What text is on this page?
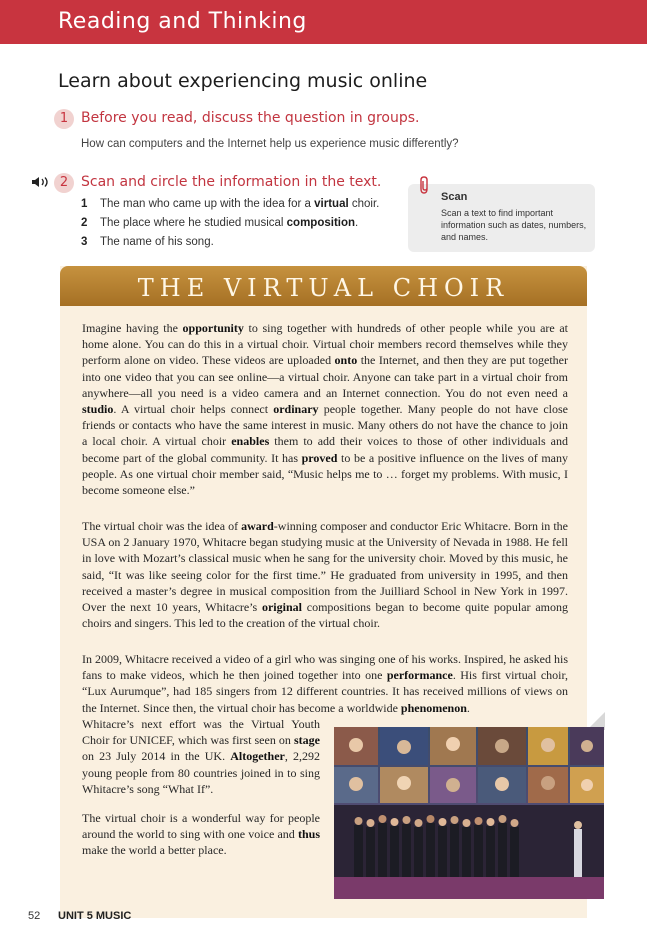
Reading and Thinking
Learn about experiencing music online
1 Before you read, discuss the question in groups.
How can computers and the Internet help us experience music differently?
2 Scan and circle the information in the text.
1 The man who came up with the idea for a virtual choir.
2 The place where he studied musical composition.
3 The name of his song.
Scan
Scan a text to find important information such as dates, numbers, and names.
THE VIRTUAL CHOIR
Imagine having the opportunity to sing together with hundreds of other people while you are at home alone. You can do this in a virtual choir. Virtual choir members record themselves while they perform alone on video. These videos are uploaded onto the Internet, and then they are put together into one video that you can see online—a virtual choir. Anyone can take part in a virtual choir from anywhere—all you need is a video camera and an Internet connection. You do not even need a studio. A virtual choir helps connect ordinary people together. Many people do not have close friends or contacts who have the same interest in music. Many others do not have the chance to join a local choir. A virtual choir enables them to add their voices to those of other individuals and become part of the global community. It has proved to be a positive influence on the lives of many people. As one virtual choir member said, “Music helps me to … forget my problems. With music, I become someone else.”
The virtual choir was the idea of award-winning composer and conductor Eric Whitacre. Born in the USA on 2 January 1970, Whitacre began studying music at the University of Nevada in 1988. He fell in love with Mozart’s classical music when he sang for the university choir. Moved by this music, he said, “It was like seeing color for the first time.” He graduated from university in 1995, and then received a master’s degree in musical composition from the Juilliard School in New York in 1997. Over the next 10 years, Whitacre’s original compositions began to become quite popular among choirs and singers. This led to the creation of the virtual choir.
In 2009, Whitacre received a video of a girl who was singing one of his works. Inspired, he asked his fans to make videos, which he then joined together into one performance. His first virtual choir, “Lux Aurumque”, had 185 singers from 12 different countries. It has received millions of views on the Internet. Since then, the virtual choir has become a worldwide phenomenon.
Whitacre’s next effort was the Virtual Youth Choir for UNICEF, which was first seen on stage on 23 July 2014 in the UK. Altogether, 2,292 young people from 80 countries joined in to sing Whitacre’s song “What If”.
The virtual choir is a wonderful way for people around the world to sing with one voice and thus make the world a better place.
52 UNIT 5 MUSIC
